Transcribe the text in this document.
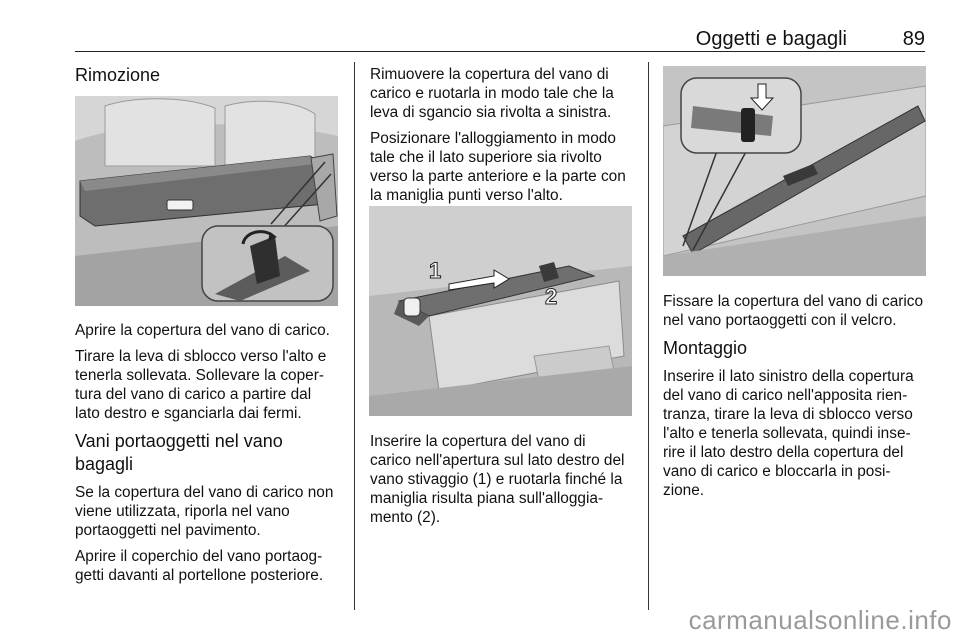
Oggetti e bagagli	89
Rimozione

Aprire la copertura del vano di carico.

Tirare la leva di sblocco verso l'alto e
tenerla sollevata. Sollevare la coper-
tura del vano di carico a partire dal
lato destro e sganciarla dai fermi.

Vani portaoggetti nel vano
bagagli

Se la copertura del vano di carico non
viene utilizzata, riporla nel vano
portaoggetti nel pavimento.

Aprire il coperchio del vano portaog-
getti davanti al portellone posteriore.

Rimuovere la copertura del vano di
carico e ruotarla in modo tale che la
leva di sgancio sia rivolta a sinistra.

Posizionare l'alloggiamento in modo
tale che il lato superiore sia rivolto
verso la parte anteriore e la parte con
la maniglia punti verso l'alto.

1
2

Inserire la copertura del vano di
carico nell'apertura sul lato destro del
vano stivaggio (1) e ruotarla finché la
maniglia risulta piana sull'alloggia-
mento (2).

Fissare la copertura del vano di carico
nel vano portaoggetti con il velcro.

Montaggio

Inserire il lato sinistro della copertura
del vano di carico nell'apposita rien-
tranza, tirare la leva di sblocco verso
l'alto e tenerla sollevata, quindi inse-
rire il lato destro della copertura del
vano di carico e bloccarla in posi-
zione.

carmanualsonline.info
